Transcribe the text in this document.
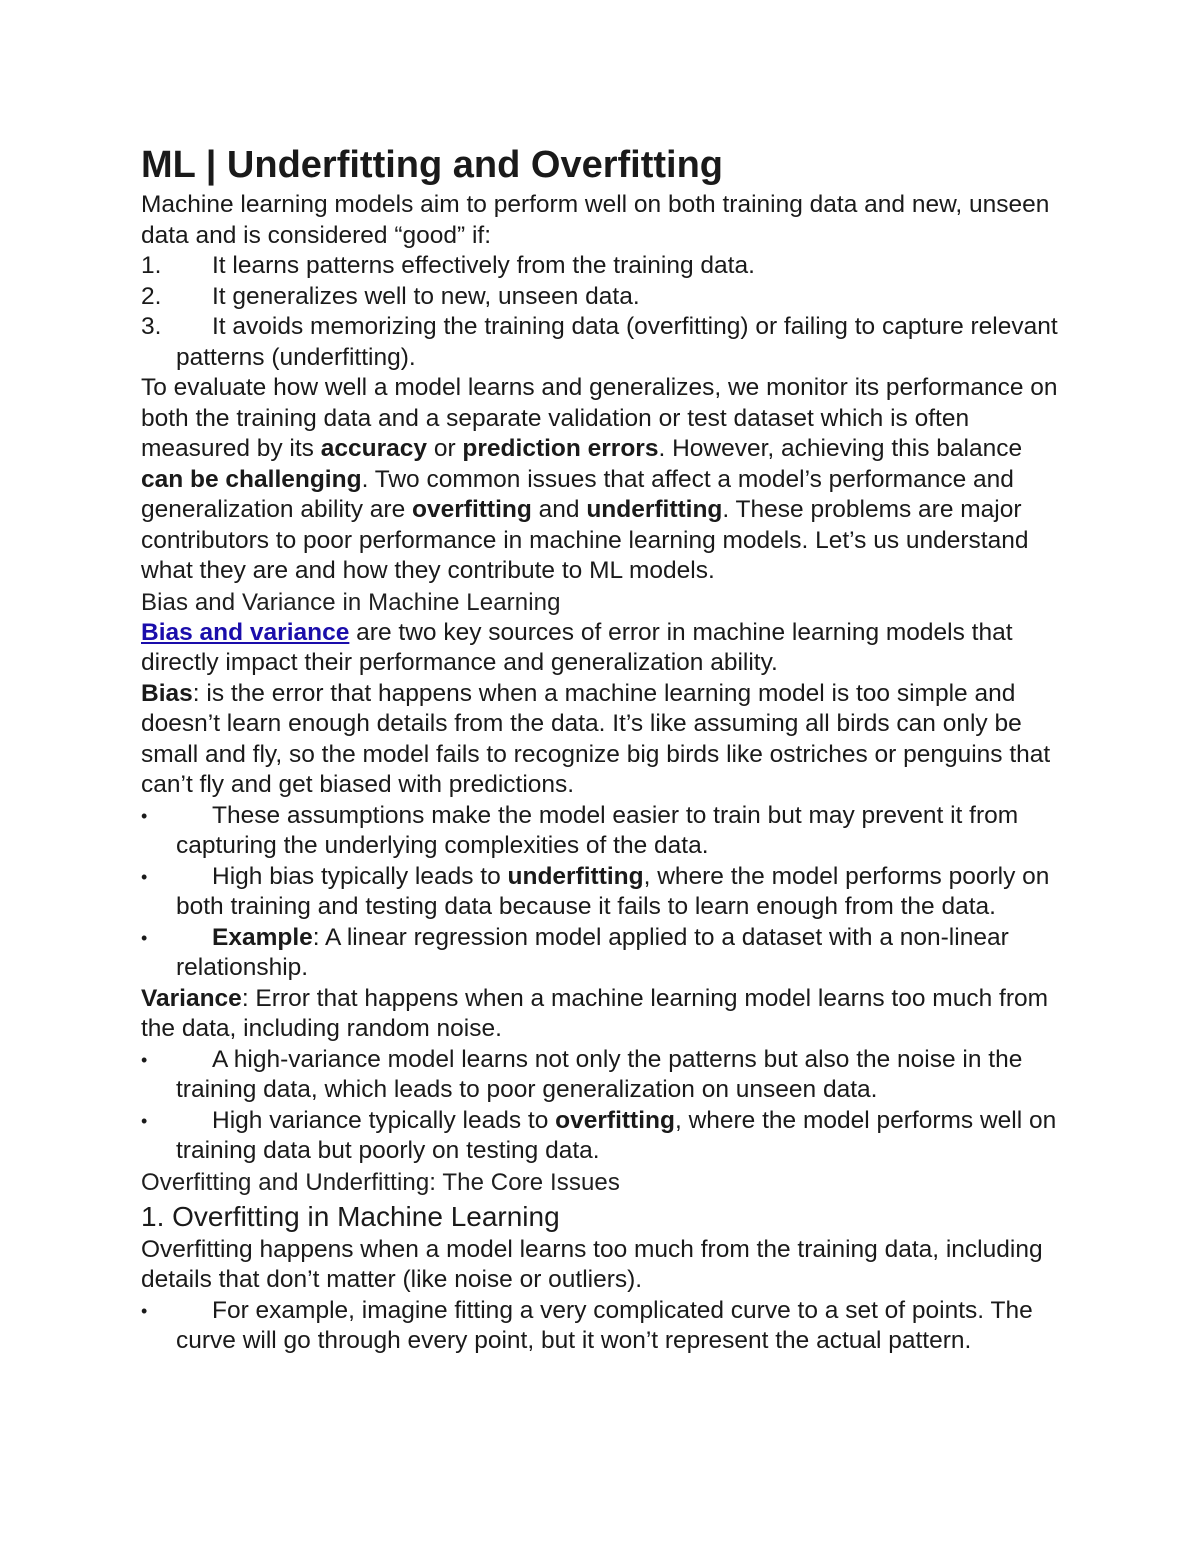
ML | Underfitting and Overfitting

Machine learning models aim to perform well on both training data and new, unseen data and is considered “good” if:

1. It learns patterns effectively from the training data.
2. It generalizes well to new, unseen data.
3. It avoids memorizing the training data (overfitting) or failing to capture relevant patterns (underfitting).

To evaluate how well a model learns and generalizes, we monitor its performance on both the training data and a separate validation or test dataset which is often measured by its accuracy or prediction errors. However, achieving this balance can be challenging. Two common issues that affect a model’s performance and generalization ability are overfitting and underfitting. These problems are major contributors to poor performance in machine learning models. Let’s us understand what they are and how they contribute to ML models.

Bias and Variance in Machine Learning

Bias and variance are two key sources of error in machine learning models that directly impact their performance and generalization ability.

Bias: is the error that happens when a machine learning model is too simple and doesn’t learn enough details from the data. It’s like assuming all birds can only be small and fly, so the model fails to recognize big birds like ostriches or penguins that can’t fly and get biased with predictions.

•	These assumptions make the model easier to train but may prevent it from capturing the underlying complexities of the data.
•	High bias typically leads to underfitting, where the model performs poorly on both training and testing data because it fails to learn enough from the data.
•	Example: A linear regression model applied to a dataset with a non-linear relationship.

Variance: Error that happens when a machine learning model learns too much from the data, including random noise.

•	A high-variance model learns not only the patterns but also the noise in the training data, which leads to poor generalization on unseen data.
•	High variance typically leads to overfitting, where the model performs well on training data but poorly on testing data.
Overfitting and Underfitting: The Core Issues
1. Overfitting in Machine Learning

Overfitting happens when a model learns too much from the training data, including details that don’t matter (like noise or outliers).

•	For example, imagine fitting a very complicated curve to a set of points. The curve will go through every point, but it won’t represent the actual pattern.
